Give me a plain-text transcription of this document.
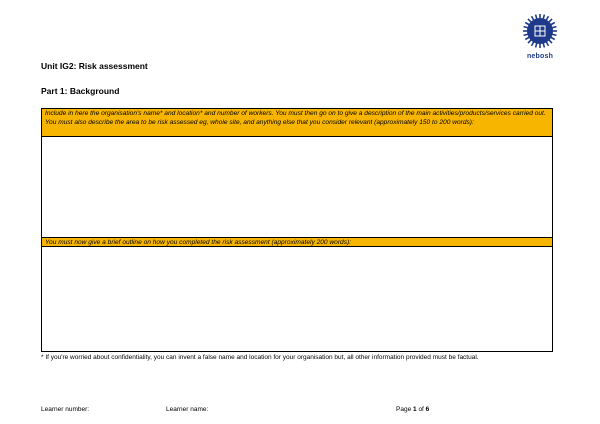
nebosh
Unit IG2: Risk assessment
Part 1: Background
Include in here the organisation's name* and location* and number of workers. You must then go on to give a description of the main activities/products/services carried out. You must also describe the area to be risk assessed eg, whole site, and anything else that you consider relevant (approximately 150 to 200 words):
You must now give a brief outline on how you completed the risk assessment (approximately 200 words):
* If you're worried about confidentiality, you can invent a false name and location for your organisation but, all other information provided must be factual.
Learner number:	Learner name:	Page 1 of 6
